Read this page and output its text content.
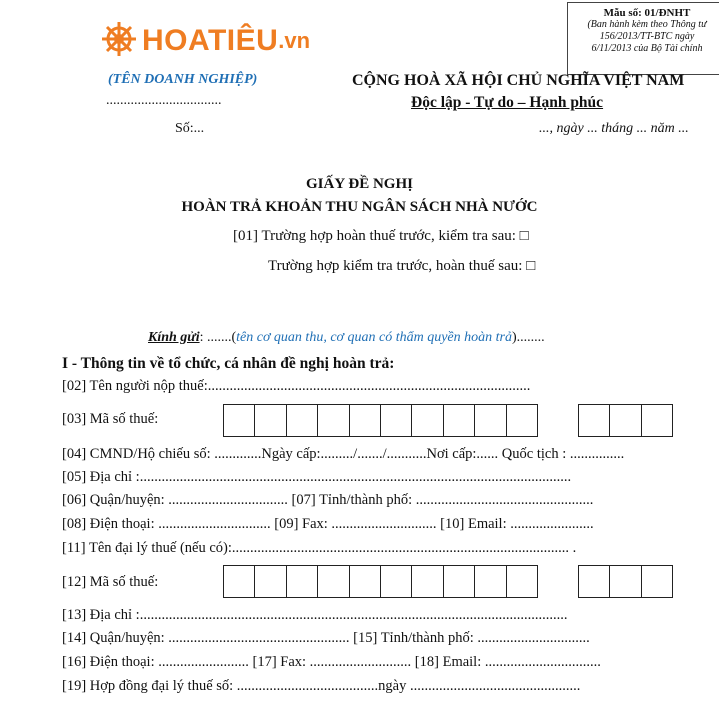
HOATIÊU .vn
Mẫu số: 01/ĐNHT
(Ban hành kèm theo Thông tư
156/2013/TT-BTC ngày
6/11/2013 của Bộ Tài chính
(TÊN DOANH NGHIỆP)
.................................
Số:...
CỘNG HOÀ XÃ HỘI CHỦ NGHĨA VIỆT NAM
Độc lập - Tự do – Hạnh phúc
..., ngày ... tháng ... năm ...
GIẤY ĐỀ NGHỊ
HOÀN TRẢ KHOẢN THU NGÂN SÁCH NHÀ NƯỚC
[01] Trường hợp hoàn thuế trước, kiểm tra sau: □
Trường hợp kiểm tra trước, hoàn thuế sau: □
Kính gửi: .......(tên cơ quan thu, cơ quan có thẩm quyền hoàn trả)........
I - Thông tin về tổ chức, cá nhân đề nghị hoàn trả:
[02] Tên người nộp thuế:.........................................................................................
[03] Mã số thuế:
[04] CMND/Hộ chiếu số: .............Ngày cấp:........./......./...........Nơi cấp:...... Quốc tịch : ...............
[05] Địa chỉ :.......................................................................................................................
[06] Quận/huyện: ................................. [07] Tỉnh/thành phố: .................................................
[08] Điện thoại: ............................... [09] Fax: ............................. [10] Email: .......................
[11] Tên đại lý thuế (nếu có):............................................................................................. .
[12] Mã số thuế:
[13] Địa chỉ :......................................................................................................................
[14] Quận/huyện: .................................................. [15] Tỉnh/thành phố: ...............................
[16] Điện thoại: ......................... [17] Fax: ............................ [18] Email: ................................
[19] Hợp đồng đại lý thuế số: .......................................ngày ...............................................
